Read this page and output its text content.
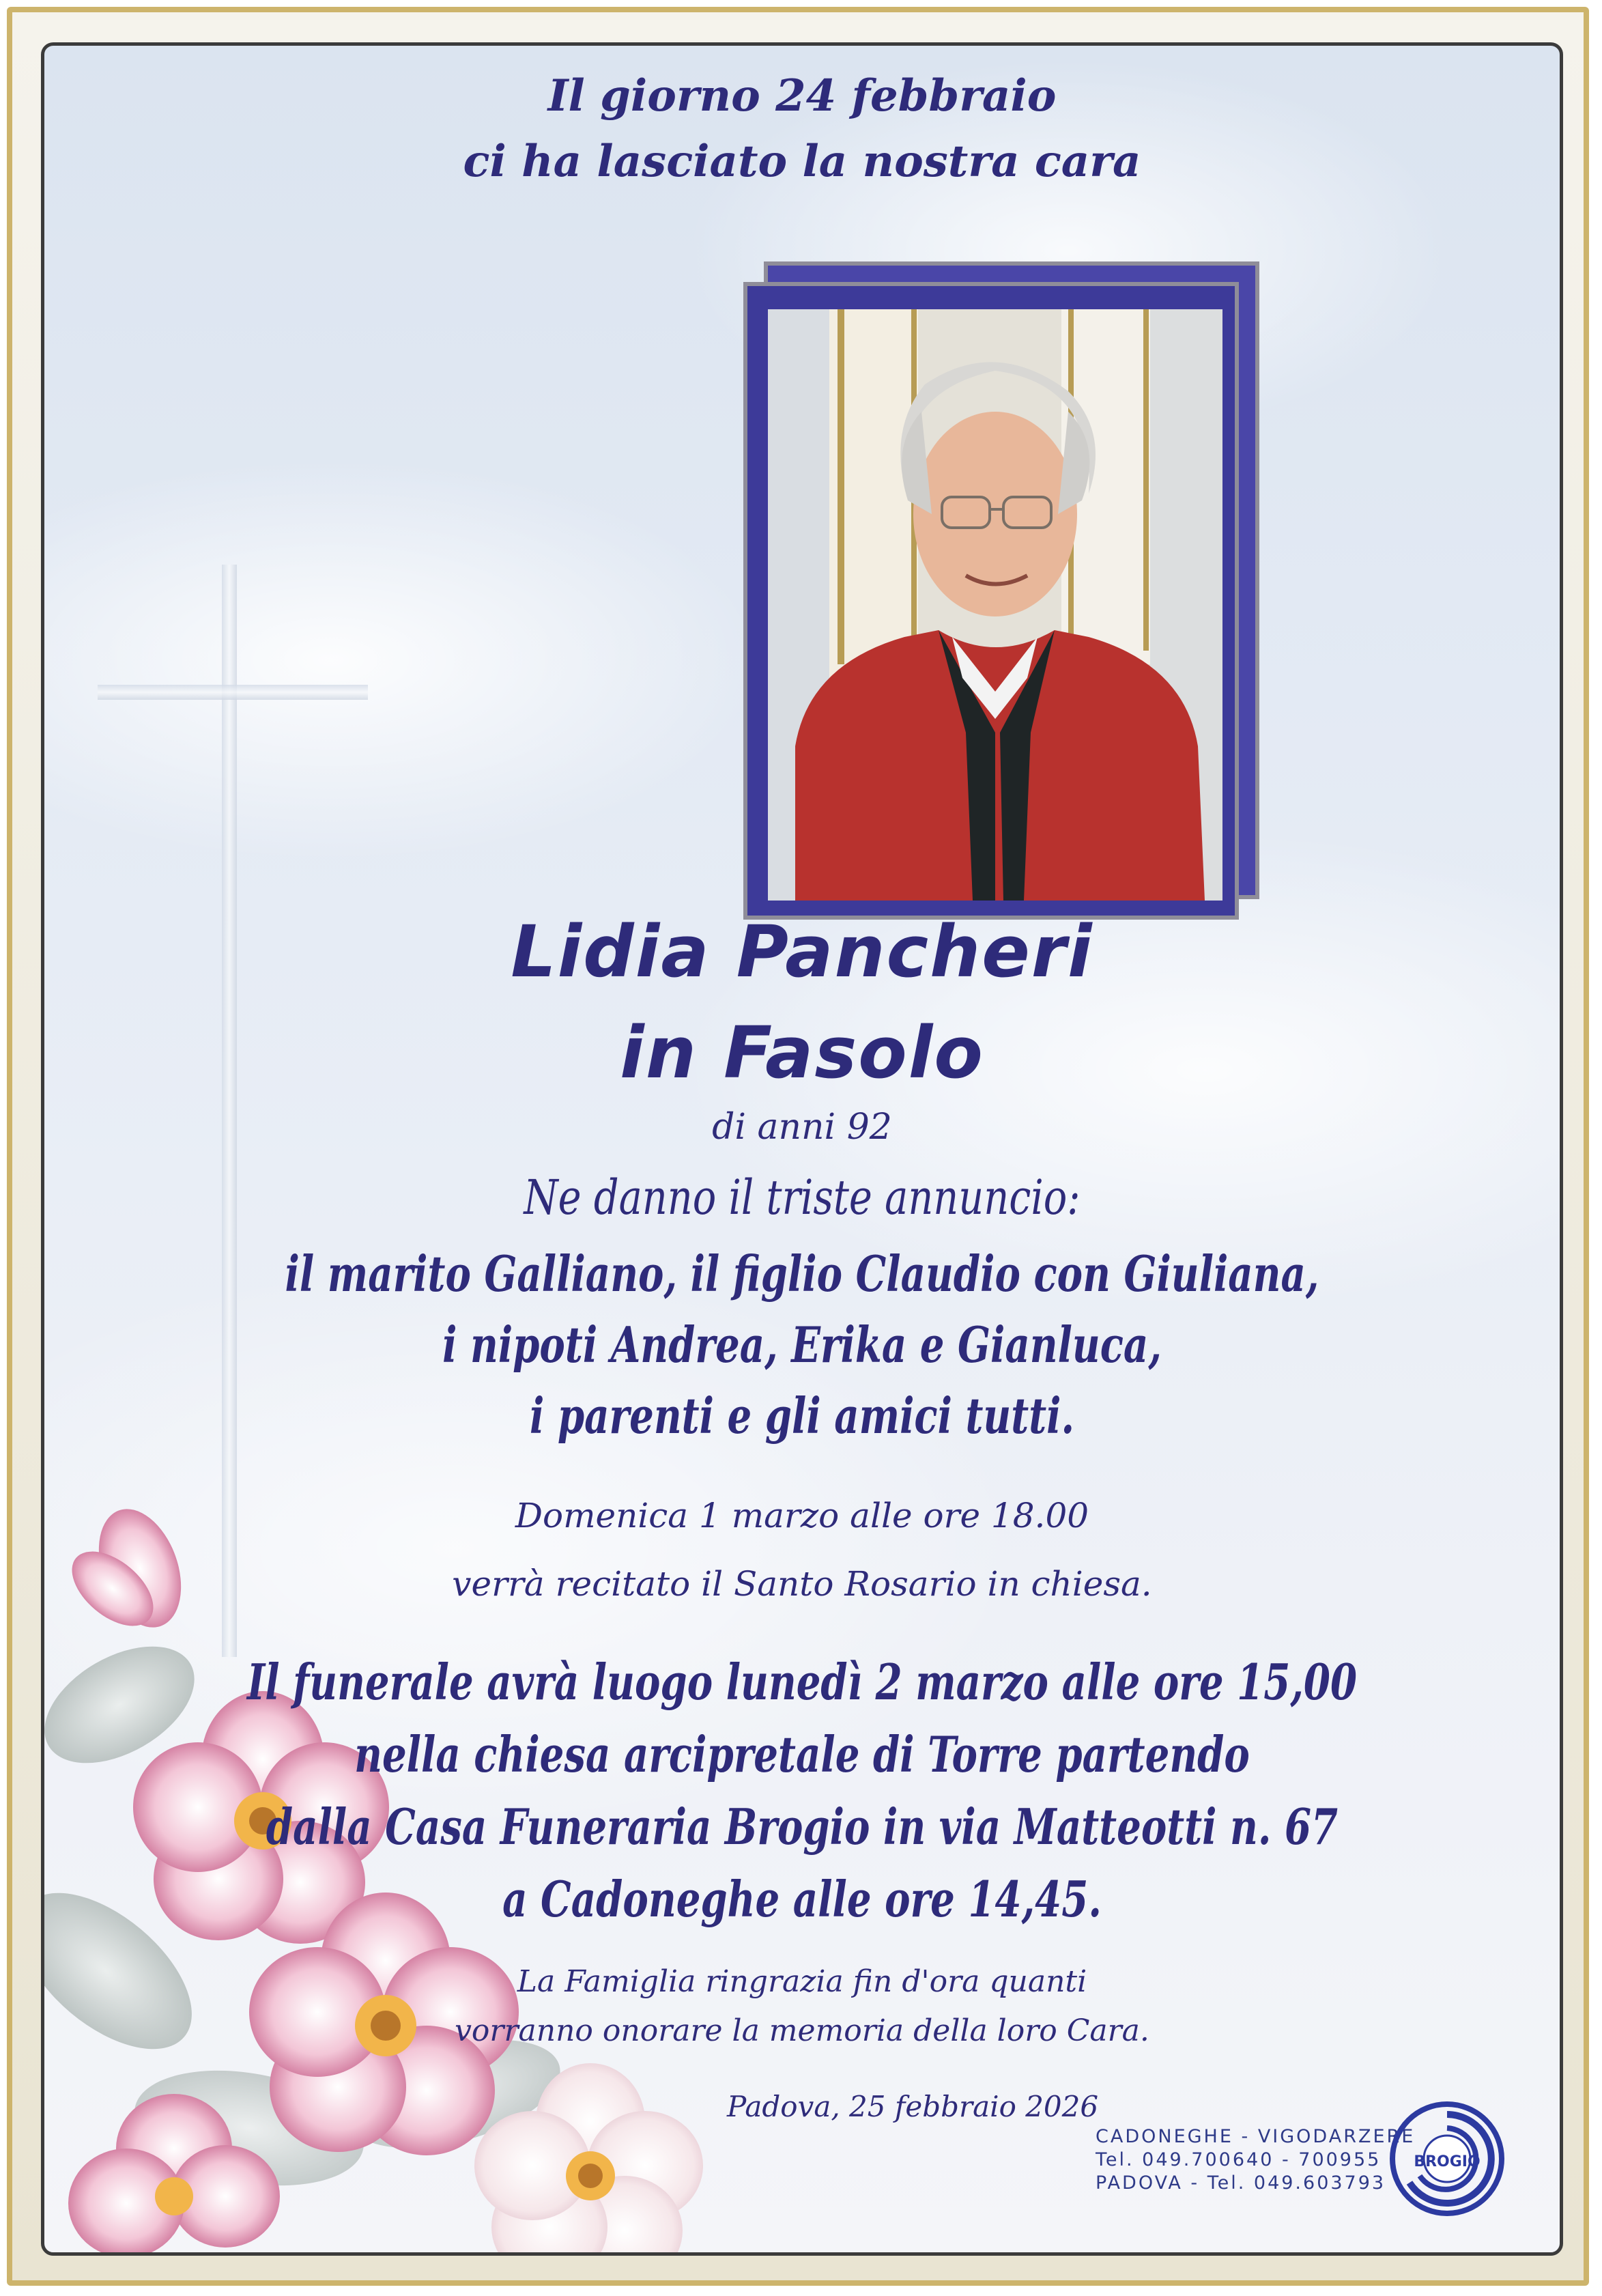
Il giorno 24 febbraio
ci ha lasciato la nostra cara
Lidia Pancheri
in Fasolo
di anni 92
Ne danno il triste annuncio:
il marito Galliano, il figlio Claudio con Giuliana,
i nipoti Andrea, Erika e Gianluca,
i parenti e gli amici tutti.
Domenica 1 marzo alle ore 18.00
verrà recitato il Santo Rosario in chiesa.
Il funerale avrà luogo lunedì 2 marzo alle ore 15,00
nella chiesa arcipretale di Torre partendo
dalla Casa Funeraria Brogio in via Matteotti n. 67
a Cadoneghe alle ore 14,45.
La Famiglia ringrazia fin d'ora quanti
vorranno onorare la memoria della loro Cara.
Padova, 25 febbraio 2026
CADONEGHE - VIGODARZERE
Tel. 049.700640 - 700955
PADOVA - Tel. 049.603793
BROGIO
